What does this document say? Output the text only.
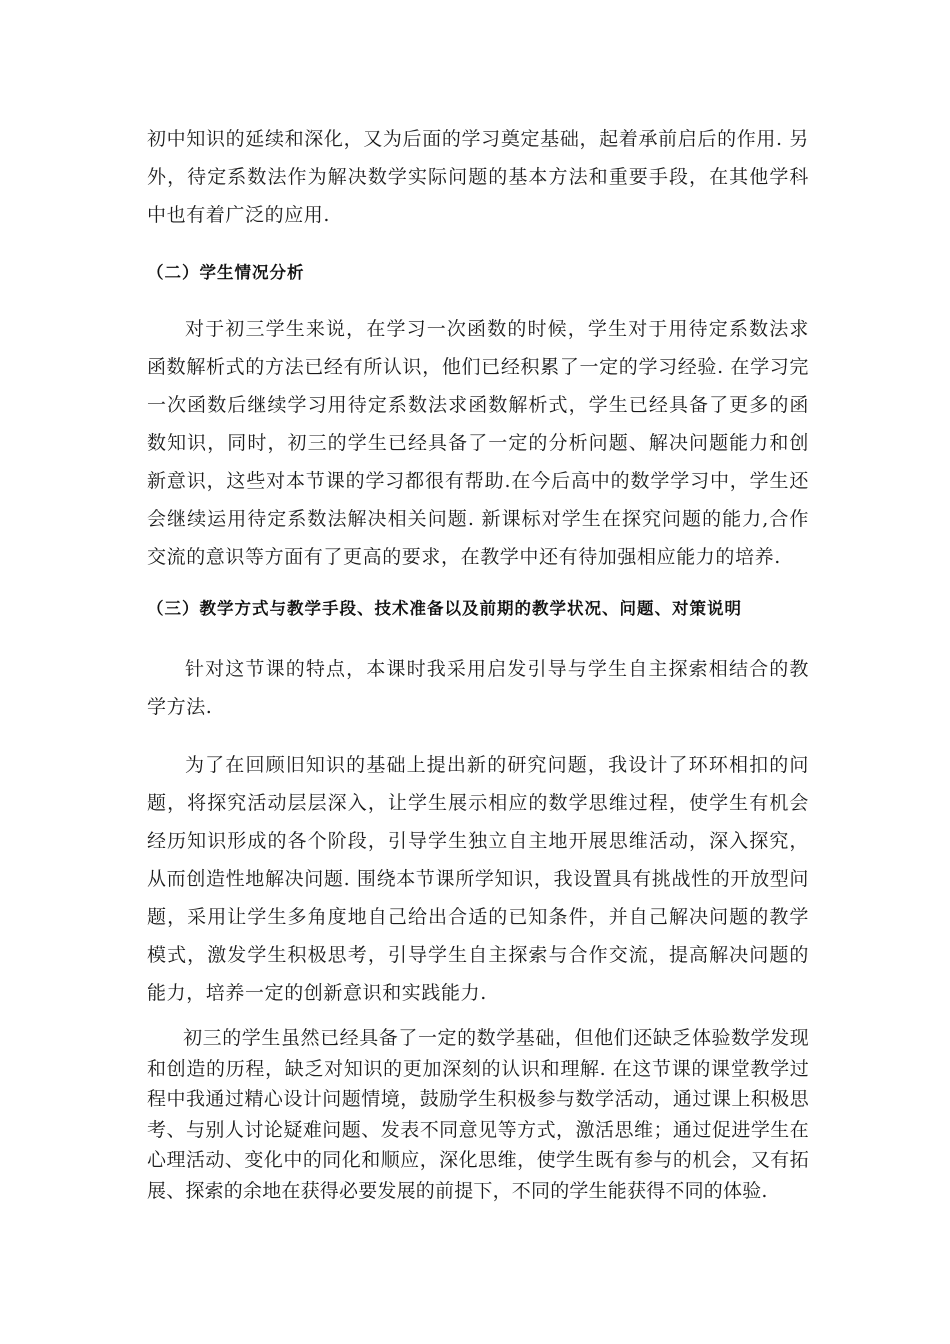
初中知识的延续和深化，又为后面的学习奠定基础，起着承前启后的作用. 另外，待定系数法作为解决数学实际问题的基本方法和重要手段，在其他学科中也有着广泛的应用.

（二）学生情况分析

对于初三学生来说，在学习一次函数的时候，学生对于用待定系数法求函数解析式的方法已经有所认识，他们已经积累了一定的学习经验. 在学习完一次函数后继续学习用待定系数法求函数解析式，学生已经具备了更多的函数知识，同时，初三的学生已经具备了一定的分析问题、解决问题能力和创新意识，这些对本节课的学习都很有帮助.在今后高中的数学学习中，学生还会继续运用待定系数法解决相关问题. 新课标对学生在探究问题的能力,合作交流的意识等方面有了更高的要求，在教学中还有待加强相应能力的培养.

（三）教学方式与教学手段、技术准备以及前期的教学状况、问题、对策说明

针对这节课的特点，本课时我采用启发引导与学生自主探索相结合的教学方法.

为了在回顾旧知识的基础上提出新的研究问题，我设计了环环相扣的问题，将探究活动层层深入，让学生展示相应的数学思维过程，使学生有机会经历知识形成的各个阶段，引导学生独立自主地开展思维活动，深入探究，从而创造性地解决问题. 围绕本节课所学知识，我设置具有挑战性的开放型问题，采用让学生多角度地自己给出合适的已知条件，并自己解决问题的教学模式，激发学生积极思考，引导学生自主探索与合作交流，提高解决问题的能力，培养一定的创新意识和实践能力.

初三的学生虽然已经具备了一定的数学基础，但他们还缺乏体验数学发现和创造的历程，缺乏对知识的更加深刻的认识和理解. 在这节课的课堂教学过程中我通过精心设计问题情境，鼓励学生积极参与数学活动，通过课上积极思考、与别人讨论疑难问题、发表不同意见等方式，激活思维；通过促进学生在心理活动、变化中的同化和顺应，深化思维，使学生既有参与的机会，又有拓展、探索的余地在获得必要发展的前提下，不同的学生能获得不同的体验.
